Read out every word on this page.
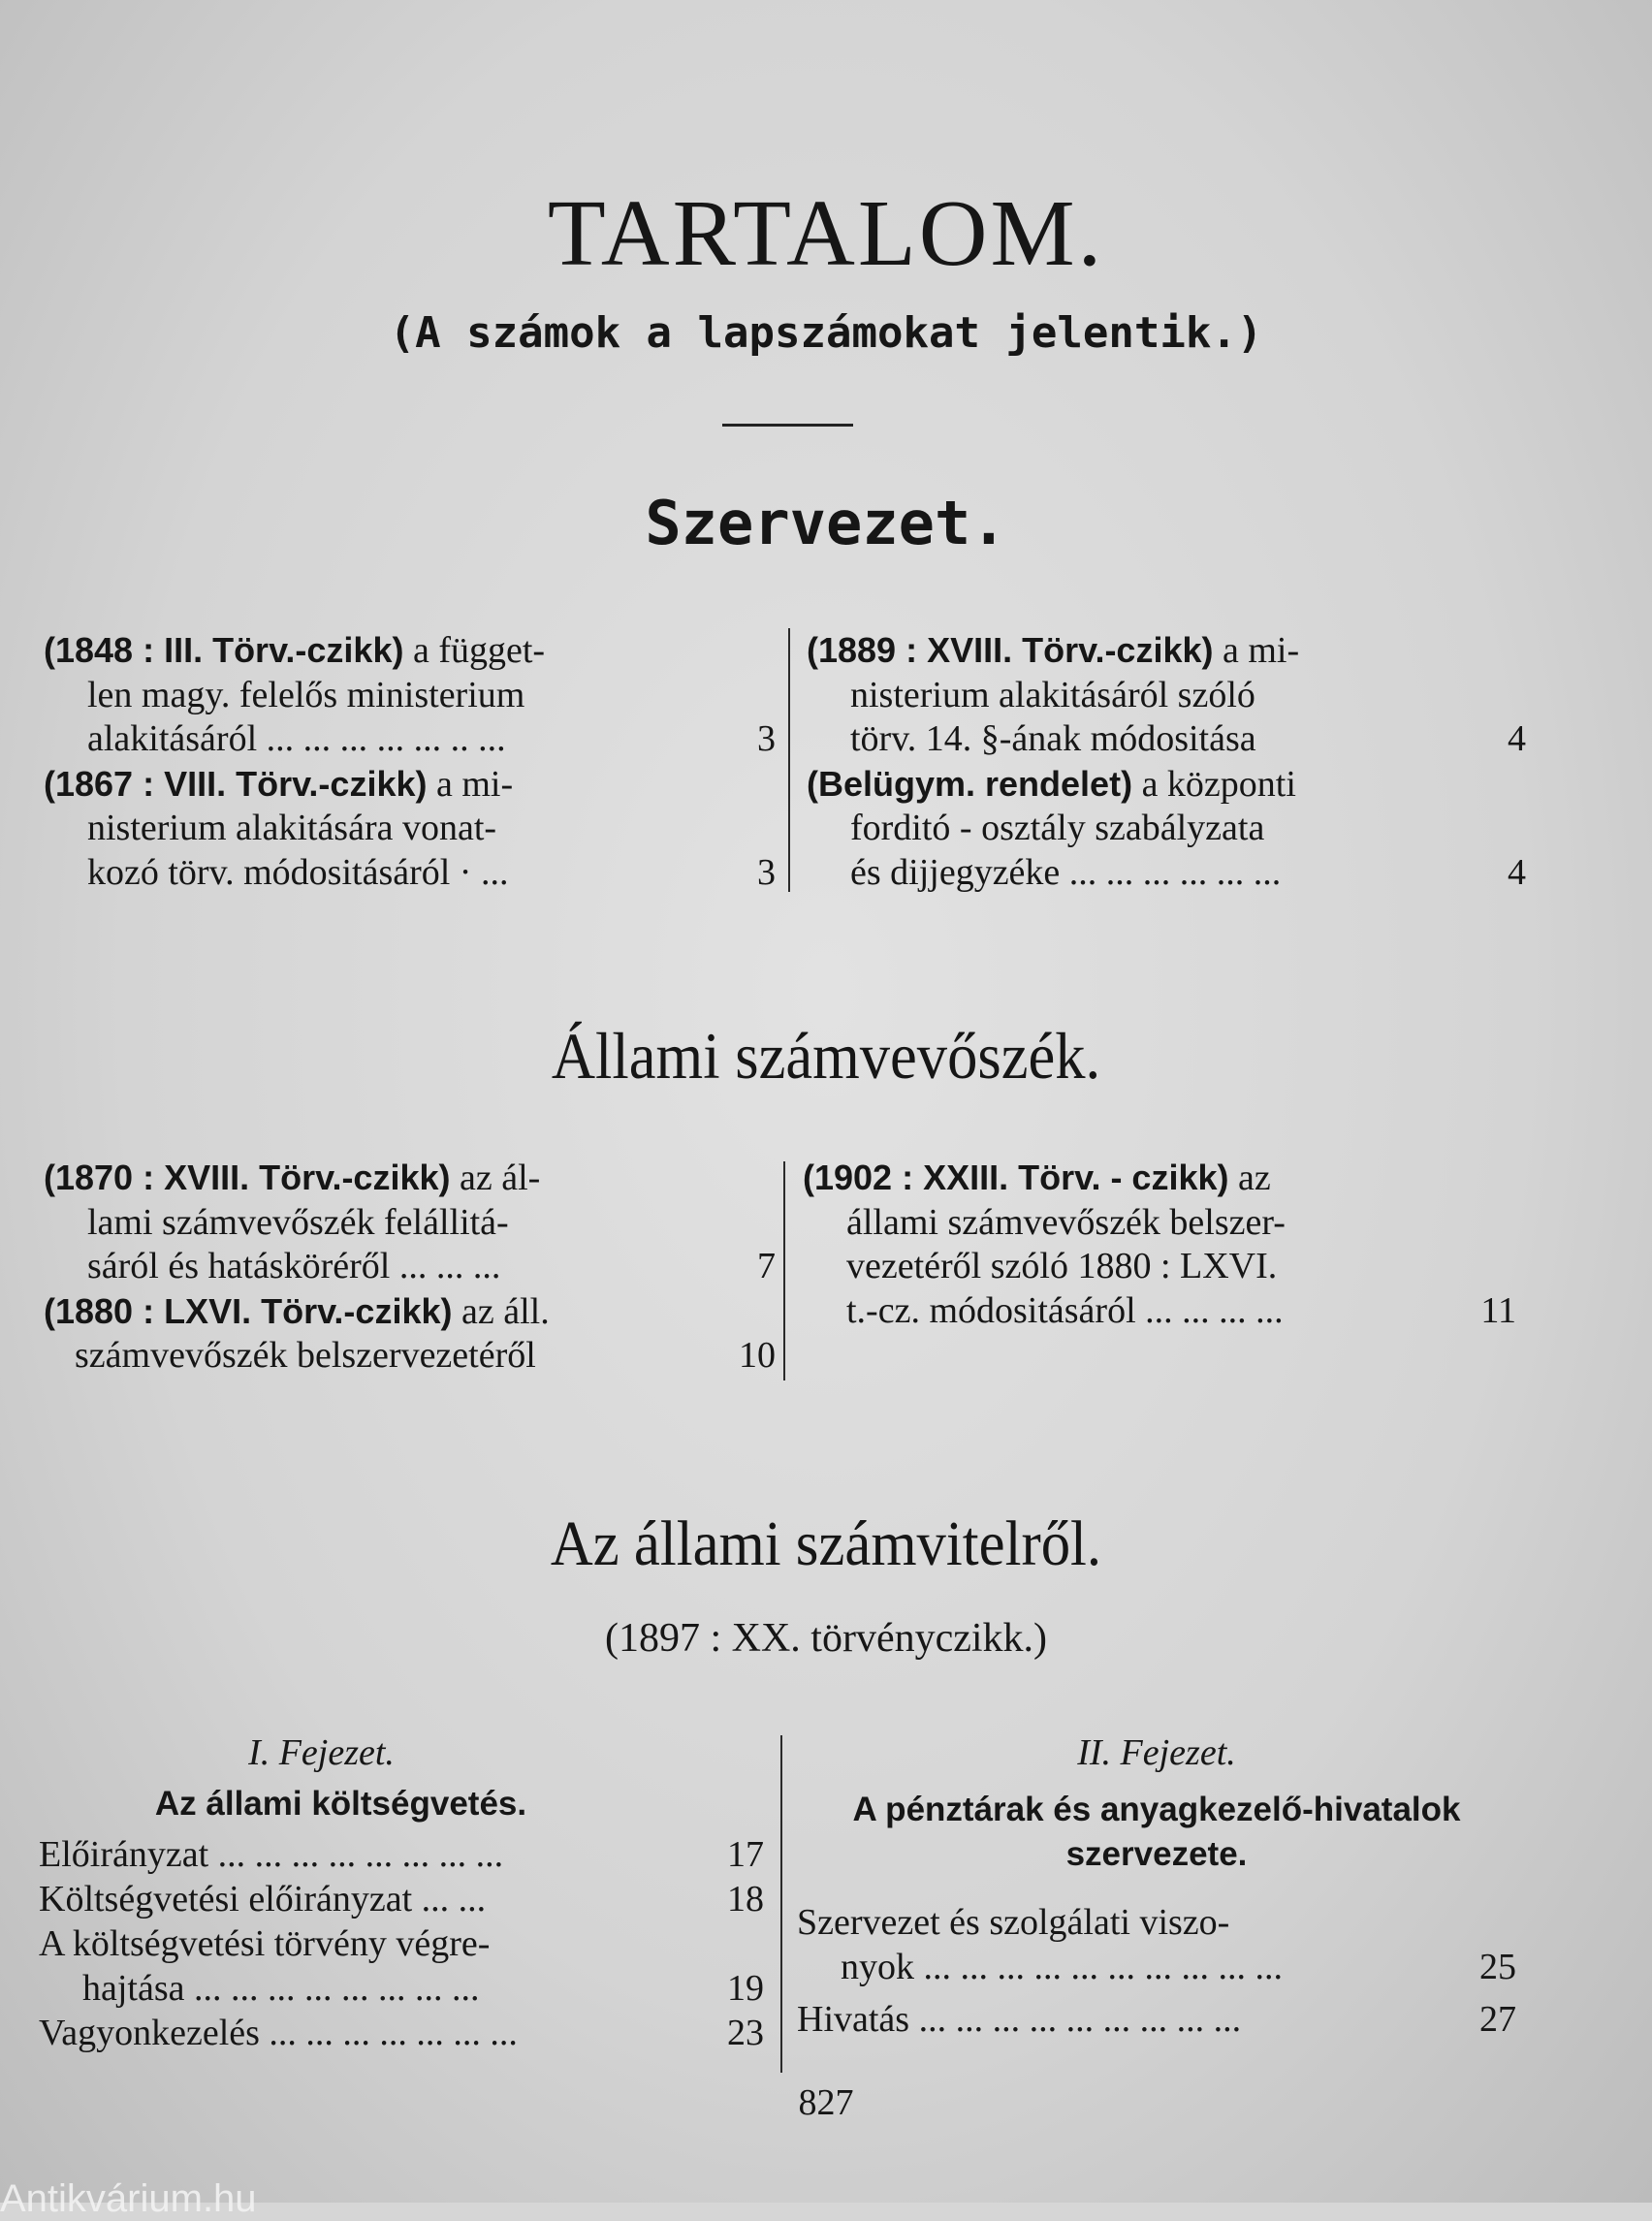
TARTALOM.
(A számok a lapszámokat jelentik.)
Szervezet.
(1848 : III. Törv.-czikk) a függet-
len magy. felelős ministerium
alakitásáról ... ... ... ... ... .. ...	3
(1867 : VIII. Törv.-czikk) a mi-
nisterium alakitására vonat-
kozó törv. módositásáról · ...	3
(1889 : XVIII. Törv.-czikk) a mi-
nisterium alakitásáról szóló
törv. 14. §-ának módositása	4
(Belügym. rendelet) a központi
forditó - osztály szabályzata
és dijjegyzéke ... ... ... ... ... ...	4
Állami számvevőszék.
(1870 : XVIII. Törv.-czikk) az ál-
lami számvevőszék felállitá-
sáról és hatásköréről ... ... ...	7
(1880 : LXVI. Törv.-czikk) az áll.
számvevőszék belszervezetéről	10
(1902 : XXIII. Törv. - czikk) az
állami számvevőszék belszer-
vezetéről szóló 1880 : LXVI.
t.-cz. módositásáról ... ... ... ...	11
Az állami számvitelről.
(1897 : XX. törvényczikk.)
I. Fejezet.
Az állami költségvetés.
Előirányzat ... ... ... ... ... ... ... ...	17
Költségvetési előirányzat ... ...	18
A költségvetési törvény végre-
hajtása ... ... ... ... ... ... ... ...	19
Vagyonkezelés ... ... ... ... ... ... ...	23
II. Fejezet.
A pénztárak és anyagkezelő-hivatalok
szervezete.
Szervezet és szolgálati viszo-
nyok ... ... ... ... ... ... ... ... ... ...	25
Hivatás ... ... ... ... ... ... ... ... ...	27
827
Antikvárium.hu
